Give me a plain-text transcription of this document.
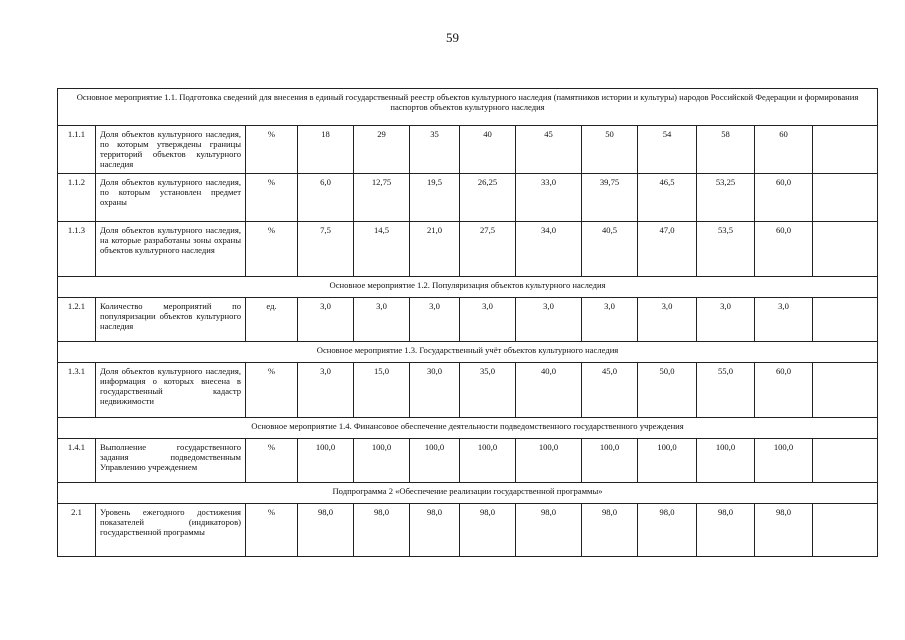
59
Основное мероприятие 1.1. Подготовка сведений для внесения в единый государственный реестр объектов культурного наследия (памятников истории и культуры) народов Российской Федерации и формирования паспортов объектов культурного наследия												
1.1.1	Доля объектов культурного наследия, по которым утверждены границы территорий объектов культурного наследия	%	18	29	35	40	45	50	54	58	60	
1.1.2	Доля объектов культурного наследия, по которым установлен предмет охраны	%	6,0	12,75	19,5	26,25	33,0	39,75	46,5	53,25	60,0	
1.1.3	Доля объектов культурного наследия, на которые разработаны зоны охраны объектов культурного наследия	%	7,5	14,5	21,0	27,5	34,0	40,5	47,0	53,5	60,0	
Основное мероприятие 1.2. Популяризация объектов культурного наследия												
1.2.1	Количество мероприятий по популяризации объектов культурного наследия	ед.	3,0	3,0	3,0	3,0	3,0	3,0	3,0	3,0	3,0	
Основное мероприятие 1.3. Государственный учёт объектов культурного наследия												
1.3.1	Доля объектов культурного наследия, информация о которых внесена в государственный кадастр недвижимости	%	3,0	15,0	30,0	35,0	40,0	45,0	50,0	55,0	60,0	
Основное мероприятие 1.4. Финансовое обеспечение деятельности подведомственного государственного учреждения												
1.4.1	Выполнение государственного задания подведомственным Управлению учреждением	%	100,0	100,0	100,0	100,0	100,0	100,0	100,0	100,0	100,0	
Подпрограмма 2 «Обеспечение реализации государственной программы»												
2.1	Уровень ежегодного достижения показателей (индикаторов) государственной программы	%	98,0	98,0	98,0	98,0	98,0	98,0	98,0	98,0	98,0	
